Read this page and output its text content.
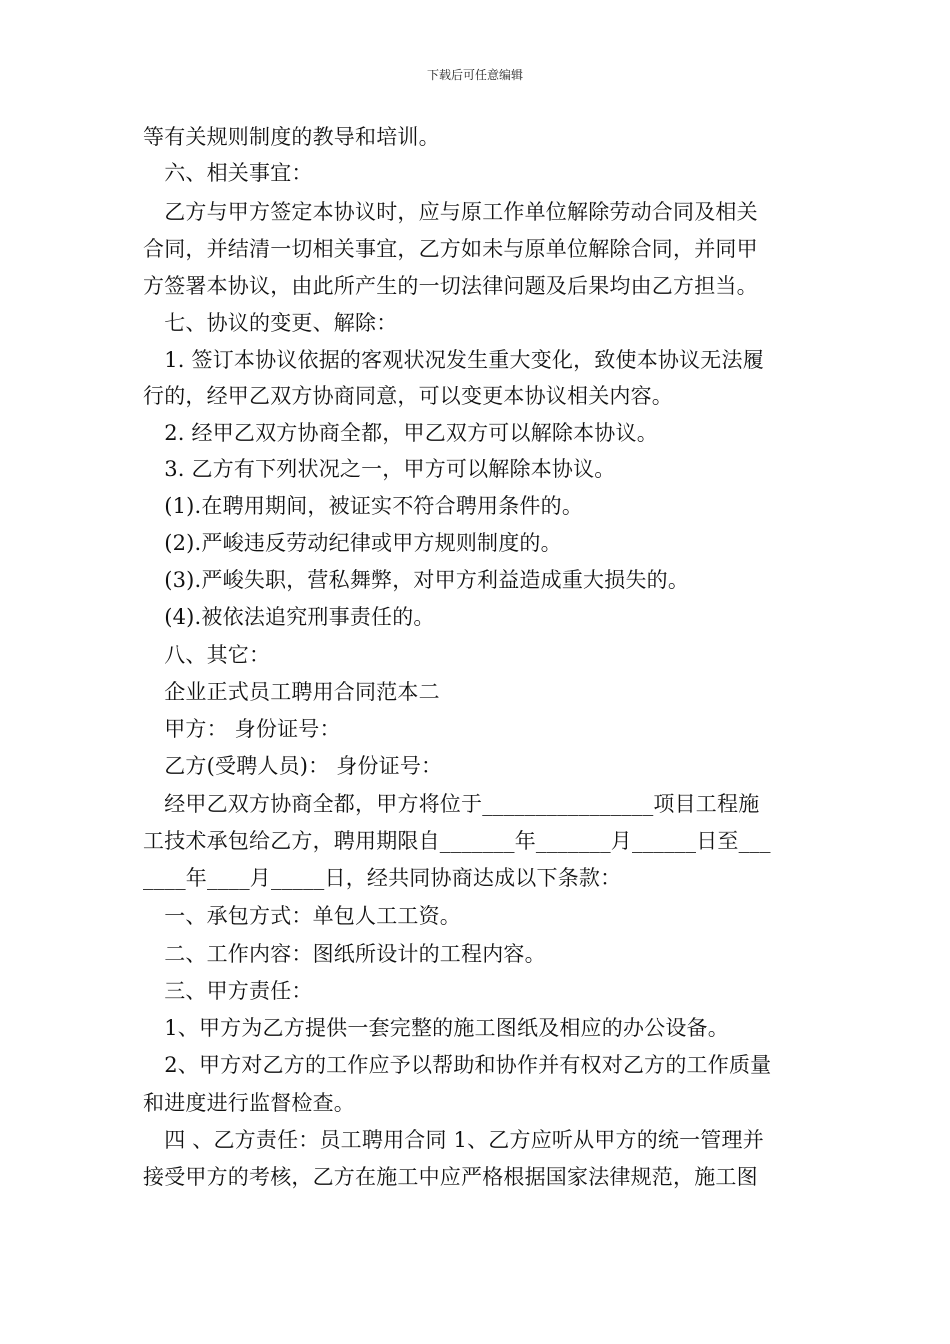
下载后可任意编辑
等有关规则制度的教导和培训。
　六、相关事宜：
　乙方与甲方签定本协议时，应与原工作单位解除劳动合同及相关
合同，并结清一切相关事宜，乙方如未与原单位解除合同，并同甲
方签署本协议，由此所产生的一切法律问题及后果均由乙方担当。
　七、协议的变更、解除：
　1. 签订本协议依据的客观状况发生重大变化，致使本协议无法履
行的，经甲乙双方协商同意，可以变更本协议相关内容。
　2. 经甲乙双方协商全都，甲乙双方可以解除本协议。
　3. 乙方有下列状况之一，甲方可以解除本协议。
　(1).在聘用期间，被证实不符合聘用条件的。
　(2).严峻违反劳动纪律或甲方规则制度的。
　(3).严峻失职，营私舞弊，对甲方利益造成重大损失的。
　(4).被依法追究刑事责任的。
　八、其它：
　企业正式员工聘用合同范本二
　甲方： 身份证号：
　乙方(受聘人员)： 身份证号：
　经甲乙双方协商全都，甲方将位于________________项目工程施
工技术承包给乙方，聘用期限自_______年_______月______日至___
____年____月_____日，经共同协商达成以下条款：
　一、承包方式：单包人工工资。
　二、工作内容：图纸所设计的工程内容。
　三、甲方责任：
　1、甲方为乙方提供一套完整的施工图纸及相应的办公设备。
　2、甲方对乙方的工作应予以帮助和协作并有权对乙方的工作质量
和进度进行监督检查。
　四 、乙方责任：员工聘用合同 1、乙方应听从甲方的统一管理并
接受甲方的考核，乙方在施工中应严格根据国家法律规范，施工图
